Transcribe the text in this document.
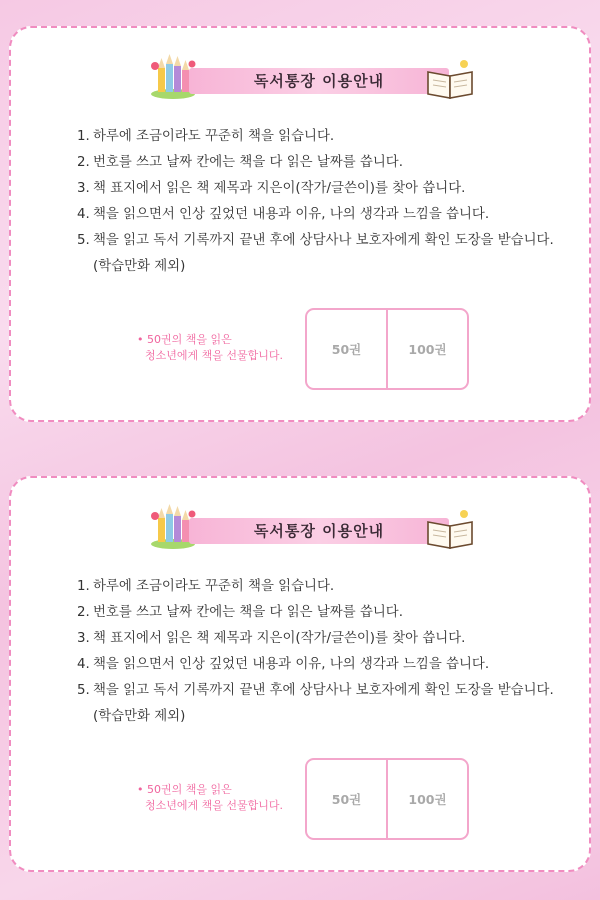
독서통장 이용안내
1. 하루에 조금이라도 꾸준히 책을 읽습니다.
2. 번호를 쓰고 날짜 칸에는 책을 다 읽은 날짜를 씁니다.
3. 책 표지에서 읽은 책 제목과 지은이(작가/글쓴이)를 찾아 씁니다.
4. 책을 읽으면서 인상 깊었던 내용과 이유, 나의 생각과 느낌을 씁니다.
5. 책을 읽고 독서 기록까지 끝낸 후에 상담사나 보호자에게 확인 도장을 받습니다.(학습만화 제외)
• 50권의 책을 읽은
청소년에게 책을 선물합니다.	50권	100권
독서통장 이용안내
1. 하루에 조금이라도 꾸준히 책을 읽습니다.
2. 번호를 쓰고 날짜 칸에는 책을 다 읽은 날짜를 씁니다.
3. 책 표지에서 읽은 책 제목과 지은이(작가/글쓴이)를 찾아 씁니다.
4. 책을 읽으면서 인상 깊었던 내용과 이유, 나의 생각과 느낌을 씁니다.
5. 책을 읽고 독서 기록까지 끝낸 후에 상담사나 보호자에게 확인 도장을 받습니다.(학습만화 제외)
• 50권의 책을 읽은
청소년에게 책을 선물합니다.	50권	100권
